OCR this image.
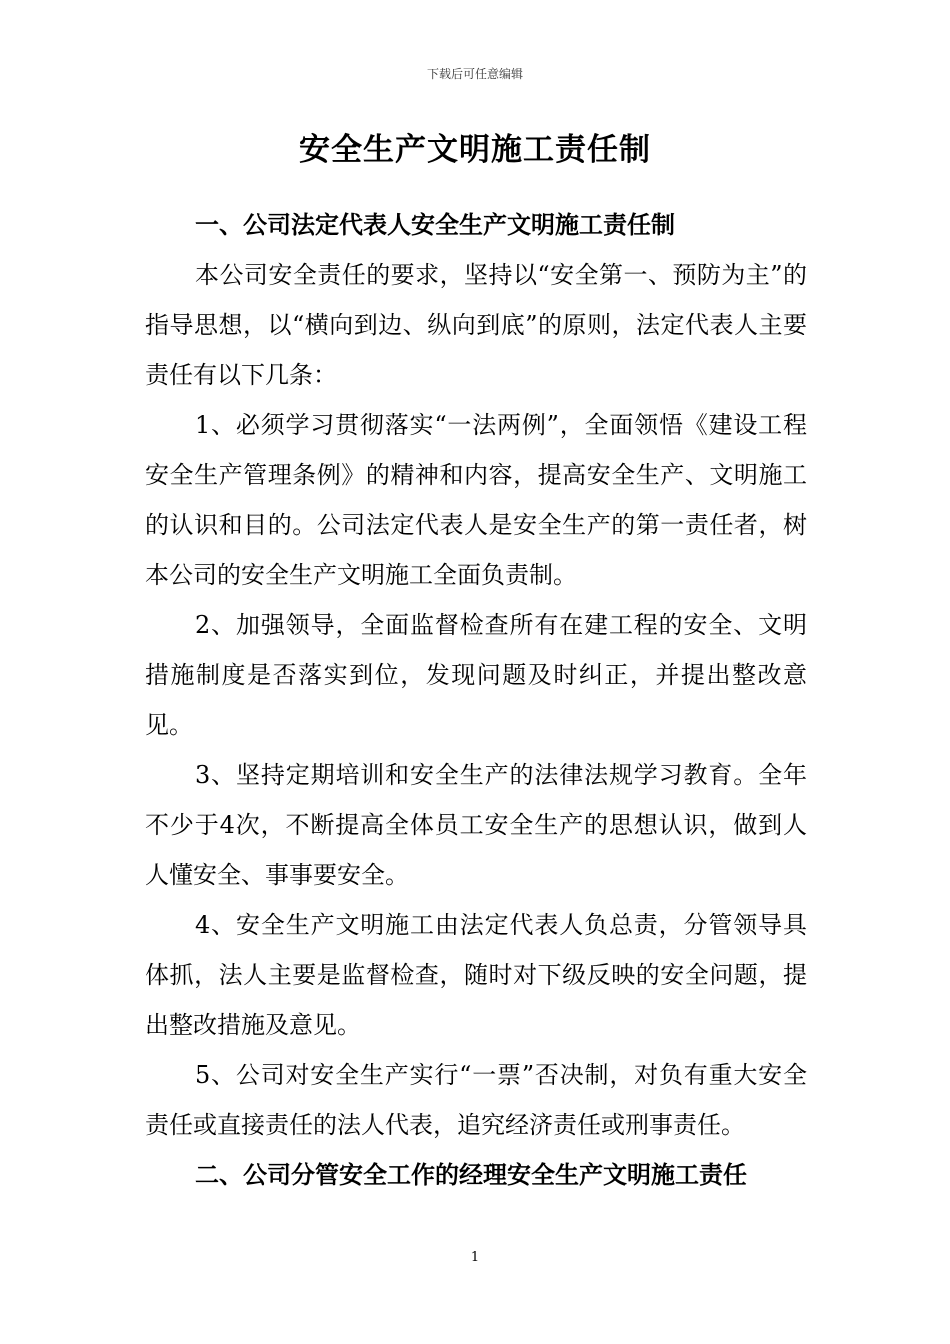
下载后可任意编辑
安全生产文明施工责任制
一、公司法定代表人安全生产文明施工责任制

本公司安全责任的要求，坚持以“安全第一、预防为主”的指导思想，以“横向到边、纵向到底”的原则，法定代表人主要责任有以下几条：

1、必须学习贯彻落实“一法两例”，全面领悟《建设工程安全生产管理条例》的精神和内容，提高安全生产、文明施工的认识和目的。公司法定代表人是安全生产的第一责任者，树本公司的安全生产文明施工全面负责制。

2、加强领导，全面监督检查所有在建工程的安全、文明措施制度是否落实到位，发现问题及时纠正，并提出整改意见。

3、坚持定期培训和安全生产的法律法规学习教育。全年不少于4次，不断提高全体员工安全生产的思想认识，做到人人懂安全、事事要安全。

4、安全生产文明施工由法定代表人负总责，分管领导具体抓，法人主要是监督检查，随时对下级反映的安全问题，提出整改措施及意见。

5、公司对安全生产实行“一票”否决制，对负有重大安全责任或直接责任的法人代表，追究经济责任或刑事责任。

二、公司分管安全工作的经理安全生产文明施工责任
1
